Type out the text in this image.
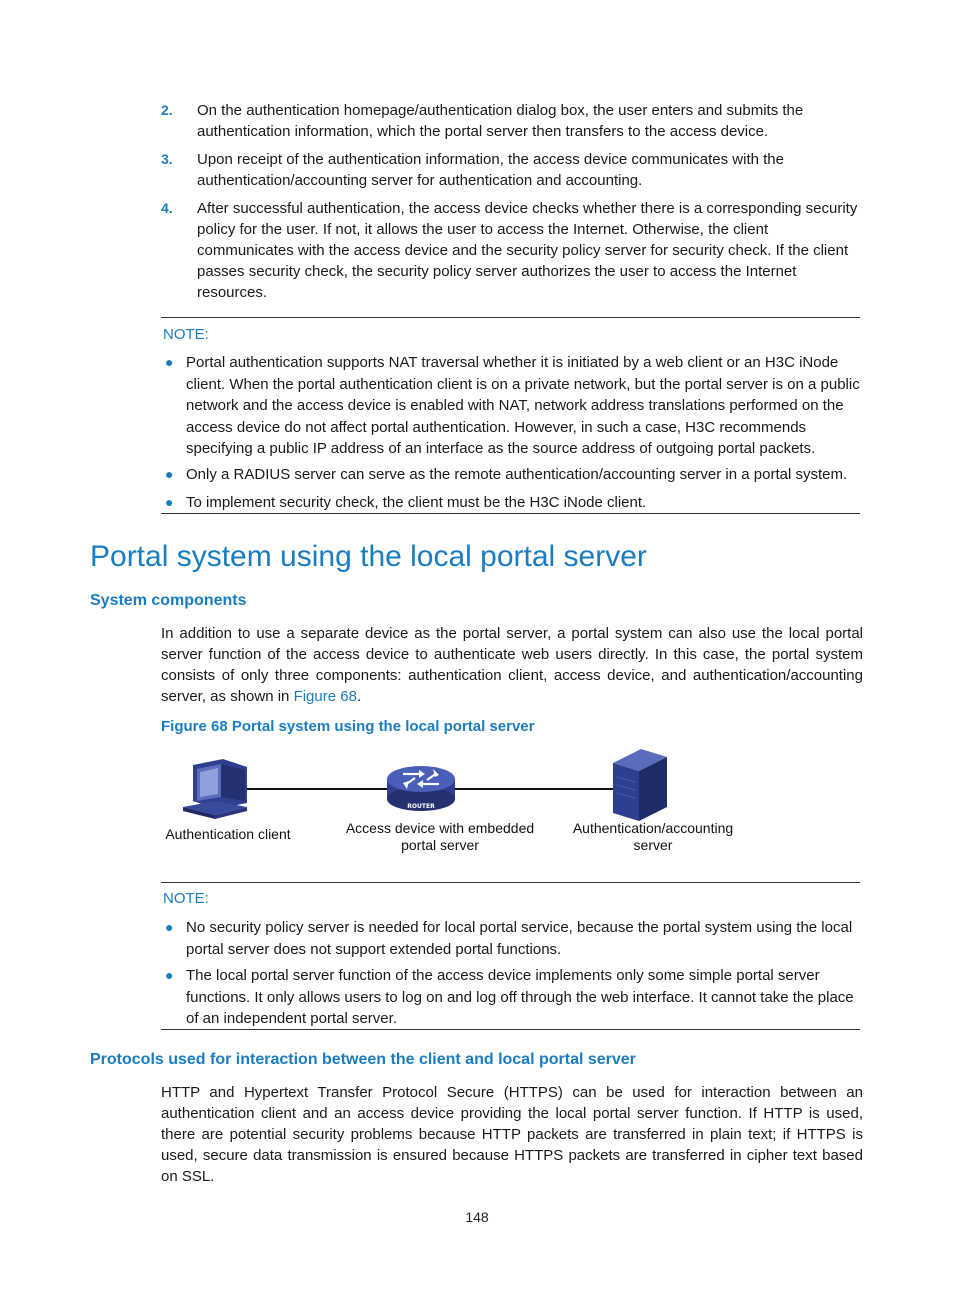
2. On the authentication homepage/authentication dialog box, the user enters and submits the authentication information, which the portal server then transfers to the access device.
3. Upon receipt of the authentication information, the access device communicates with the authentication/accounting server for authentication and accounting.
4. After successful authentication, the access device checks whether there is a corresponding security policy for the user. If not, it allows the user to access the Internet. Otherwise, the client communicates with the access device and the security policy server for security check. If the client passes security check, the security policy server authorizes the user to access the Internet resources.
NOTE:
● Portal authentication supports NAT traversal whether it is initiated by a web client or an H3C iNode client. When the portal authentication client is on a private network, but the portal server is on a public network and the access device is enabled with NAT, network address translations performed on the access device do not affect portal authentication. However, in such a case, H3C recommends specifying a public IP address of an interface as the source address of outgoing portal packets.
● Only a RADIUS server can serve as the remote authentication/accounting server in a portal system.
● To implement security check, the client must be the H3C iNode client.
Portal system using the local portal server
System components
In addition to use a separate device as the portal server, a portal system can also use the local portal server function of the access device to authenticate web users directly. In this case, the portal system consists of only three components: authentication client, access device, and authentication/accounting server, as shown in Figure 68.
Figure 68 Portal system using the local portal server
ROUTER
Authentication client	Access device with embedded
portal server
Authentication/accounting
server
NOTE:
● No security policy server is needed for local portal service, because the portal system using the local portal server does not support extended portal functions.
● The local portal server function of the access device implements only some simple portal server functions. It only allows users to log on and log off through the web interface. It cannot take the place of an independent portal server.
Protocols used for interaction between the client and local portal server
HTTP and Hypertext Transfer Protocol Secure (HTTPS) can be used for interaction between an authentication client and an access device providing the local portal server function. If HTTP is used, there are potential security problems because HTTP packets are transferred in plain text; if HTTPS is used, secure data transmission is ensured because HTTPS packets are transferred in cipher text based on SSL.
148
